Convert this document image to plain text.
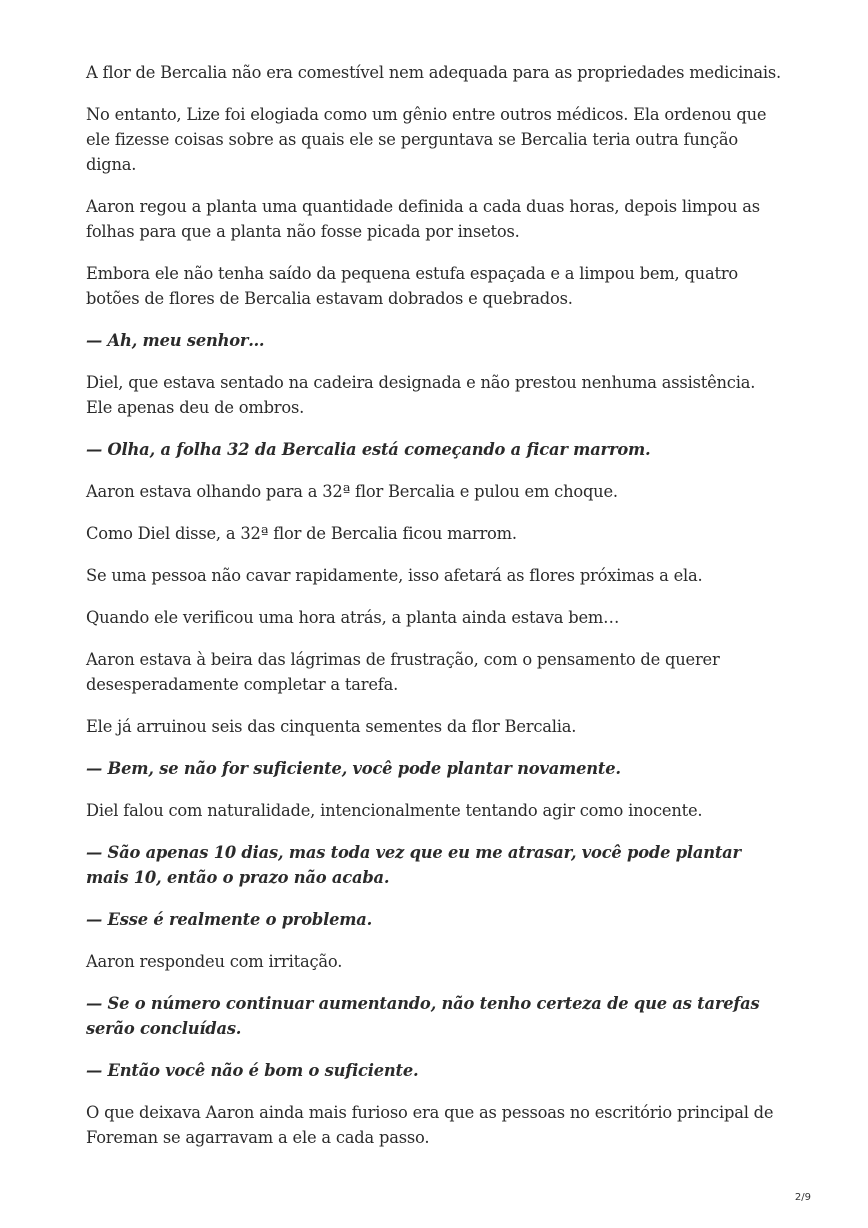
A flor de Bercalia não era comestível nem adequada para as propriedades medicinais.

No entanto, Lize foi elogiada como um gênio entre outros médicos. Ela ordenou que ele fizesse coisas sobre as quais ele se perguntava se Bercalia teria outra função digna.

Aaron regou a planta uma quantidade definida a cada duas horas, depois limpou as folhas para que a planta não fosse picada por insetos.

Embora ele não tenha saído da pequena estufa espaçada e a limpou bem, quatro botões de flores de Bercalia estavam dobrados e quebrados.

— Ah, meu senhor…

Diel, que estava sentado na cadeira designada e não prestou nenhuma assistência. Ele apenas deu de ombros.

— Olha, a folha 32 da Bercalia está começando a ficar marrom.

Aaron estava olhando para a 32ª flor Bercalia e pulou em choque.

Como Diel disse, a 32ª flor de Bercalia ficou marrom.

Se uma pessoa não cavar rapidamente, isso afetará as flores próximas a ela.

Quando ele verificou uma hora atrás, a planta ainda estava bem…

Aaron estava à beira das lágrimas de frustração, com o pensamento de querer desesperadamente completar a tarefa.

Ele já arruinou seis das cinquenta sementes da flor Bercalia.

— Bem, se não for suficiente, você pode plantar novamente.

Diel falou com naturalidade, intencionalmente tentando agir como inocente.

— São apenas 10 dias, mas toda vez que eu me atrasar, você pode plantar mais 10, então o prazo não acaba.

— Esse é realmente o problema.

Aaron respondeu com irritação.

— Se o número continuar aumentando, não tenho certeza de que as tarefas serão concluídas.

— Então você não é bom o suficiente.

O que deixava Aaron ainda mais furioso era que as pessoas no escritório principal de Foreman se agarravam a ele a cada passo.

2/9
